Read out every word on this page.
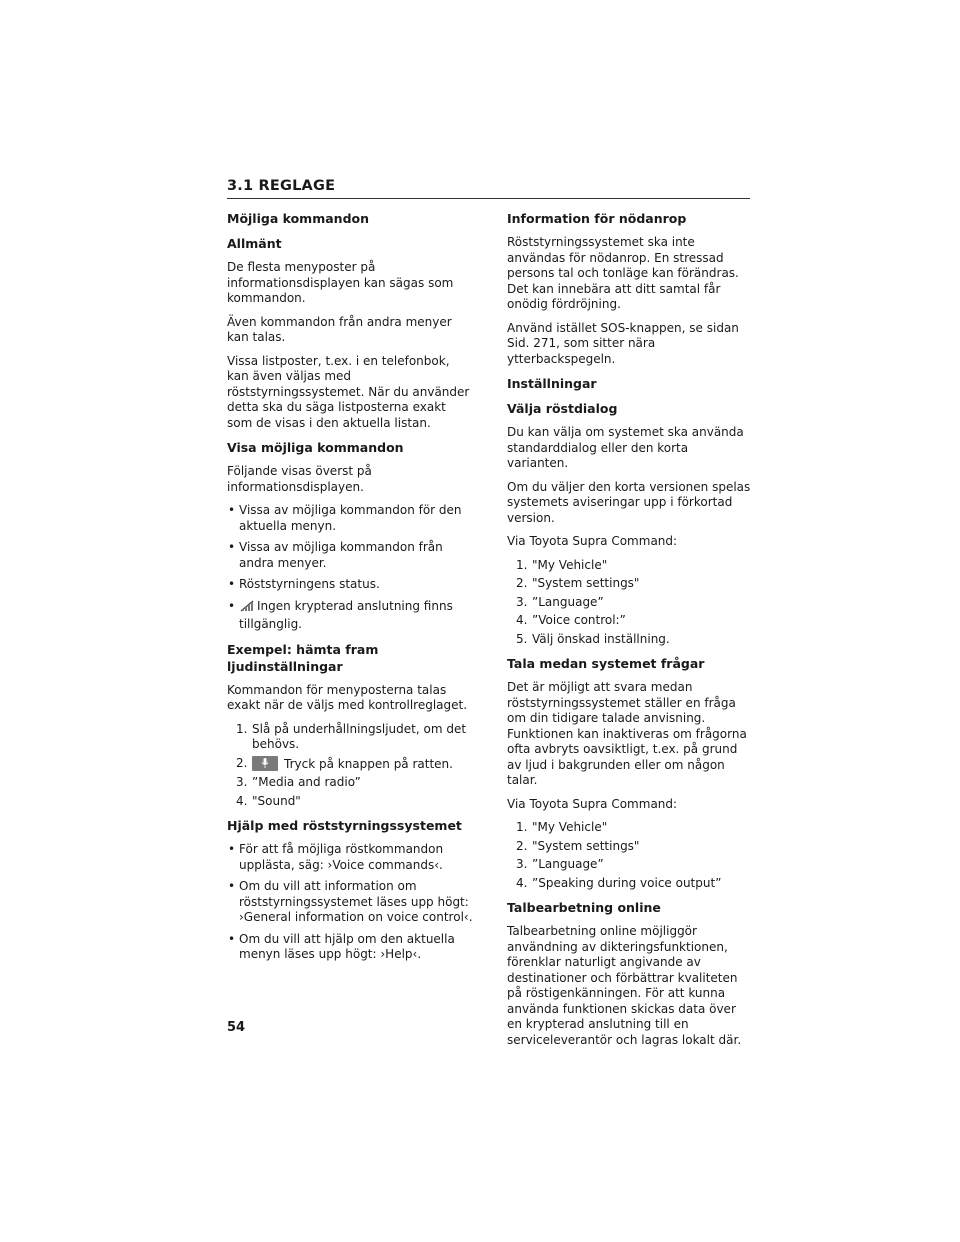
3.1 REGLAGE
Möjliga kommandon
Allmänt

De flesta menyposter på informationsdisplayen kan sägas som kommandon.

Även kommandon från andra menyer kan talas.

Vissa listposter, t.ex. i en telefonbok, kan även väljas med röststyrningssystemet. När du använder detta ska du säga listposterna exakt som de visas i den aktuella listan.

Visa möjliga kommandon

Följande visas överst på informationsdisplayen.

• Vissa av möjliga kommandon för den aktuella menyn.
• Vissa av möjliga kommandon från andra menyer.
• Röststyrningens status.
• Ingen krypterad anslutning finns tillgänglig.
Exempel: hämta fram ljudinställningar

Kommandon för menyposterna talas exakt när de väljs med kontrollreglaget.

1. Slå på underhållningsljudet, om det behövs.
2.	Tryck på knappen på ratten.
3. ”Media and radio”
4. "Sound"
Hjälp med röststyrningssystemet
• För att få möjliga röstkommandon upplästa, säg: ›Voice commands‹.
• Om du vill att information om röststyrningssystemet läses upp högt: ›General information on voice control‹.
• Om du vill att hjälp om den aktuella menyn läses upp högt: ›Help‹.
Information för nödanrop

Röststyrningssystemet ska inte användas för nödanrop. En stressad persons tal och tonläge kan förändras. Det kan innebära att ditt samtal får onödig fördröjning.

Använd istället SOS-knappen, se sidan Sid. 271, som sitter nära ytterbackspegeln.

Inställningar
Välja röstdialog

Du kan välja om systemet ska använda standarddialog eller den korta varianten.

Om du väljer den korta versionen spelas systemets aviseringar upp i förkortad version.

Via Toyota Supra Command:

1. "My Vehicle"
2. "System settings"
3. ”Language”
4. ”Voice control:”
5. Välj önskad inställning.
Tala medan systemet frågar

Det är möjligt att svara medan röststyrningssystemet ställer en fråga om din tidigare talade anvisning. Funktionen kan inaktiveras om frågorna ofta avbryts oavsiktligt, t.ex. på grund av ljud i bakgrunden eller om någon talar.

Via Toyota Supra Command:

1. "My Vehicle"
2. "System settings"
3. ”Language”
4. ”Speaking during voice output”
Talbearbetning online

Talbearbetning online möjliggör användning av dikteringsfunktionen, förenklar naturligt angivande av destinationer och förbättrar kvaliteten på röstigenkänningen. För att kunna använda funktionen skickas data över en krypterad anslutning till en serviceleverantör och lagras lokalt där.

54
